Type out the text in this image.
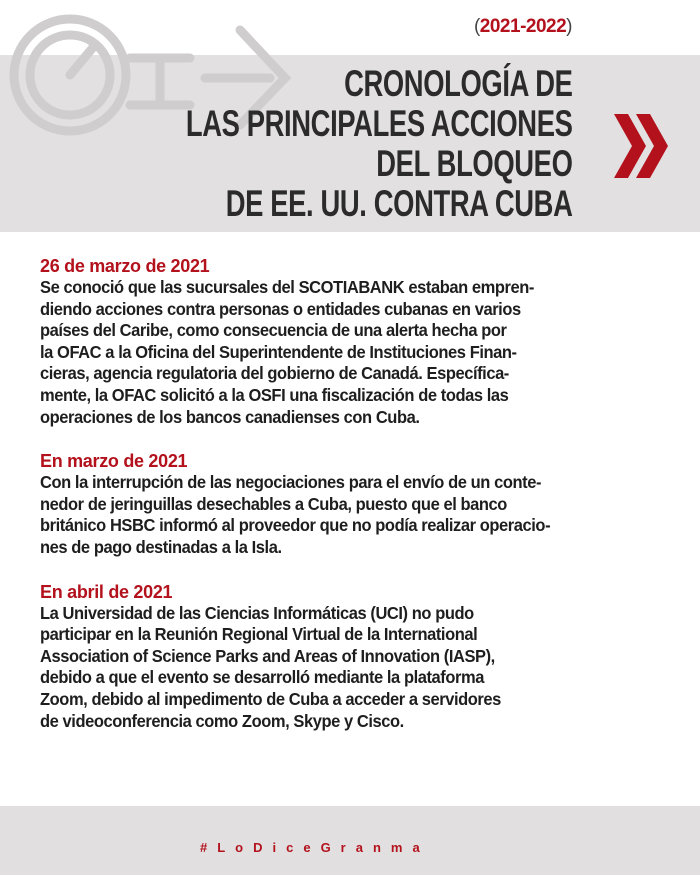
(2021-2022)
CRONOLOGÍA DE
LAS PRINCIPALES ACCIONES
DEL BLOQUEO
DE EE. UU. CONTRA CUBA
26 de marzo de 2021
Se conoció que las sucursales del SCOTIABANK estaban empren-
diendo acciones contra personas o entidades cubanas en varios
países del Caribe, como consecuencia de una alerta hecha por
la OFAC a la Oficina del Superintendente de Instituciones Finan-
cieras, agencia regulatoria del gobierno de Canadá. Específica-
mente, la OFAC solicitó a la OSFI una fiscalización de todas las
operaciones de los bancos canadienses con Cuba.
En marzo de 2021
Con la interrupción de las negociaciones para el envío de un conte-
nedor de jeringuillas desechables a Cuba, puesto que el banco
británico HSBC informó al proveedor que no podía realizar operacio-
nes de pago destinadas a la Isla.
En abril de 2021
La Universidad de las Ciencias Informáticas (UCI) no pudo
participar en la Reunión Regional Virtual de la International
Association of Science Parks and Areas of Innovation (IASP),
debido a que el evento se desarrolló mediante la plataforma
Zoom, debido al impedimento de Cuba a acceder a servidores
de videoconferencia como Zoom, Skype y Cisco.
#LoDiceGranma
